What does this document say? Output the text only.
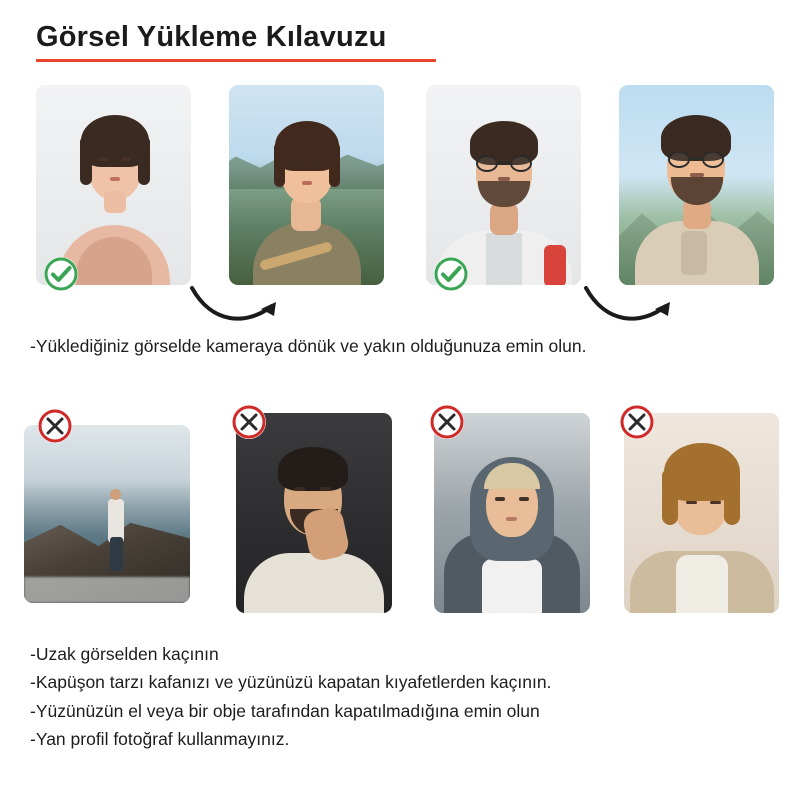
Görsel Yükleme Kılavuzu
-Yüklediğiniz görselde kameraya dönük ve yakın olduğunuza emin olun.
-Uzak görselden kaçının
-Kapüşon tarzı kafanızı ve yüzünüzü kapatan kıyafetlerden kaçının.
-Yüzünüzün el veya bir obje tarafından kapatılmadığına emin olun
-Yan profil fotoğraf kullanmayınız.
